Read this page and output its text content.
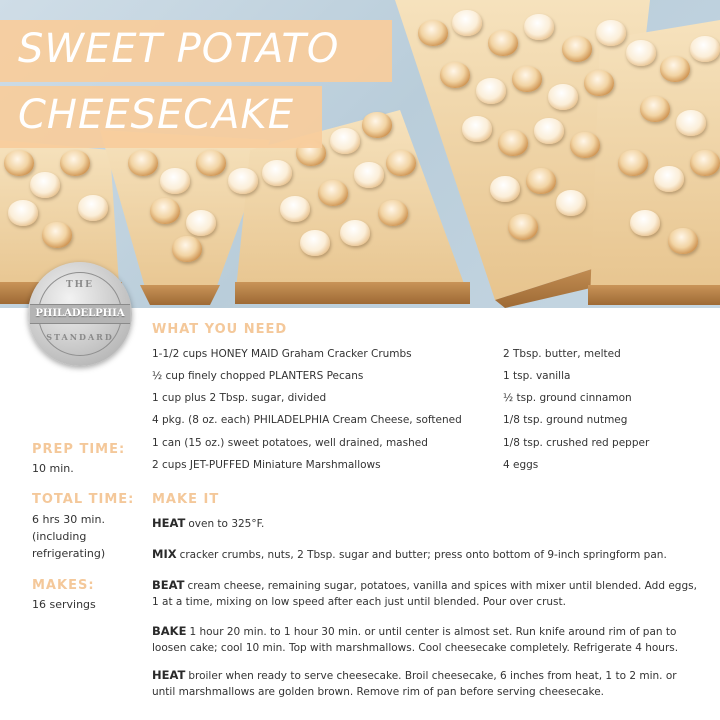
SWEET POTATO
CHEESECAKE
THE
PHILADELPHIA
STANDARD
PREP TIME:
10 min.
TOTAL TIME:
6 hrs 30 min. (including refrigerating)
MAKES:
16 servings
WHAT YOU NEED
1-1/2 cups HONEY MAID Graham Cracker Crumbs
½ cup finely chopped PLANTERS Pecans
1 cup plus 2 Tbsp. sugar, divided
4 pkg. (8 oz. each) PHILADELPHIA Cream Cheese, softened
1 can (15 oz.) sweet potatoes, well drained, mashed
2 cups JET-PUFFED Miniature Marshmallows
2 Tbsp. butter, melted
1 tsp. vanilla
½ tsp. ground cinnamon
1/8 tsp. ground nutmeg
1/8 tsp. crushed red pepper
4 eggs
MAKE IT
HEAT oven to 325°F.
MIX cracker crumbs, nuts, 2 Tbsp. sugar and butter; press onto bottom of 9-inch springform pan.
BEAT cream cheese, remaining sugar, potatoes, vanilla and spices with mixer until blended. Add eggs, 1 at a time, mixing on low speed after each just until blended. Pour over crust.
BAKE 1 hour 20 min. to 1 hour 30 min. or until center is almost set. Run knife around rim of pan to loosen cake; cool 10 min. Top with marshmallows. Cool cheesecake completely. Refrigerate 4 hours.
HEAT broiler when ready to serve cheesecake. Broil cheesecake, 6 inches from heat, 1 to 2 min. or until marshmallows are golden brown. Remove rim of pan before serving cheesecake.
